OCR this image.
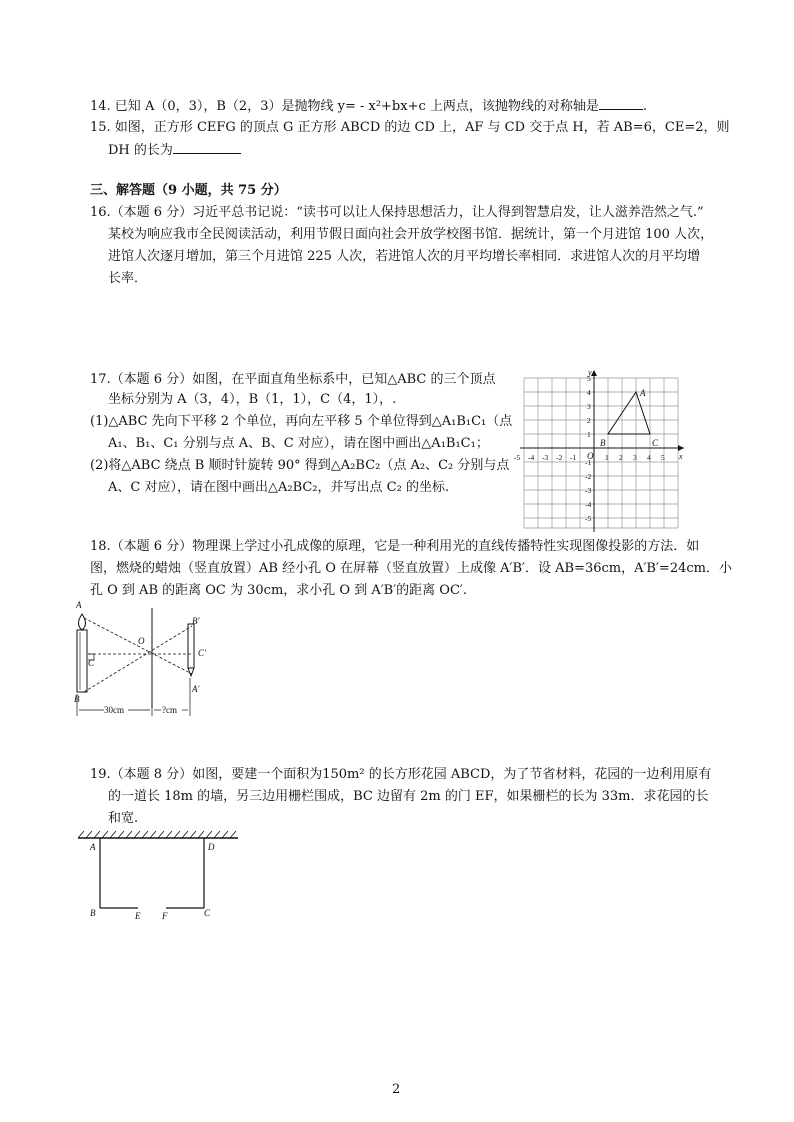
14. 已知 A（0，3），B（2，3）是抛物线 y= - x²+bx+c 上两点，该抛物线的对称轴是	.
15. 如图，正方形 CEFG 的顶点 G 正方形 ABCD 的边 CD 上，AF 与 CD 交于点 H，若 AB=6，CE=2，则
DH 的长为
三、解答题（9 小题，共 75 分）
16.（本题 6 分）习近平总书记说：“读书可以让人保持思想活力，让人得到智慧启发，让人滋养浩然之气.”
某校为响应我市全民阅读活动，利用节假日面向社会开放学校图书馆．据统计，第一个月进馆 100 人次，
进馆人次逐月增加，第三个月进馆 225 人次，若进馆人次的月平均增长率相同．求进馆人次的月平均增
长率．
17.（本题 6 分）如图，在平面直角坐标系中，已知△ABC 的三个顶点
坐标分别为 A（3，4），B（1，1），C（4，1），.
(1)△ABC 先向下平移 2 个单位，再向左平移 5 个单位得到△A₁B₁C₁（点
A₁、B₁、C₁ 分别与点 A、B、C 对应），请在图中画出△A₁B₁C₁；
(2)将△ABC 绕点 B 顺时针旋转 90° 得到△A₂BC₂（点 A₂、C₂ 分别与点
A、C 对应），请在图中画出△A₂BC₂，并写出点 C₂ 的坐标.
-5 -4 -3 -2 -1	1 2 3 4 5
5
4
3
2
1
-1
-2
-3
-4
-5
O	x
y
A
B	C
18.（本题 6 分）物理课上学过小孔成像的原理，它是一种利用光的直线传播特性实现图像投影的方法．如
图，燃烧的蜡烛（竖直放置）AB 经小孔 O 在屏幕（竖直放置）上成像 A′B′．设 AB=36cm，A′B′=24cm．小
孔 O 到 AB 的距离 OC 为 30cm，求小孔 O 到 A′B′的距离 OC′.
A
B
C
O
B′
C′
A′
30cm	?cm
19.（本题 8 分）如图，要建一个面积为150m² 的长方形花园 ABCD，为了节省材料，花园的一边利用原有
的一道长 18m 的墙，另三边用栅栏围成，BC 边留有 2m 的门 EF，如果栅栏的长为 33m．求花园的长
和宽.
A	D
B	E F	C
2
